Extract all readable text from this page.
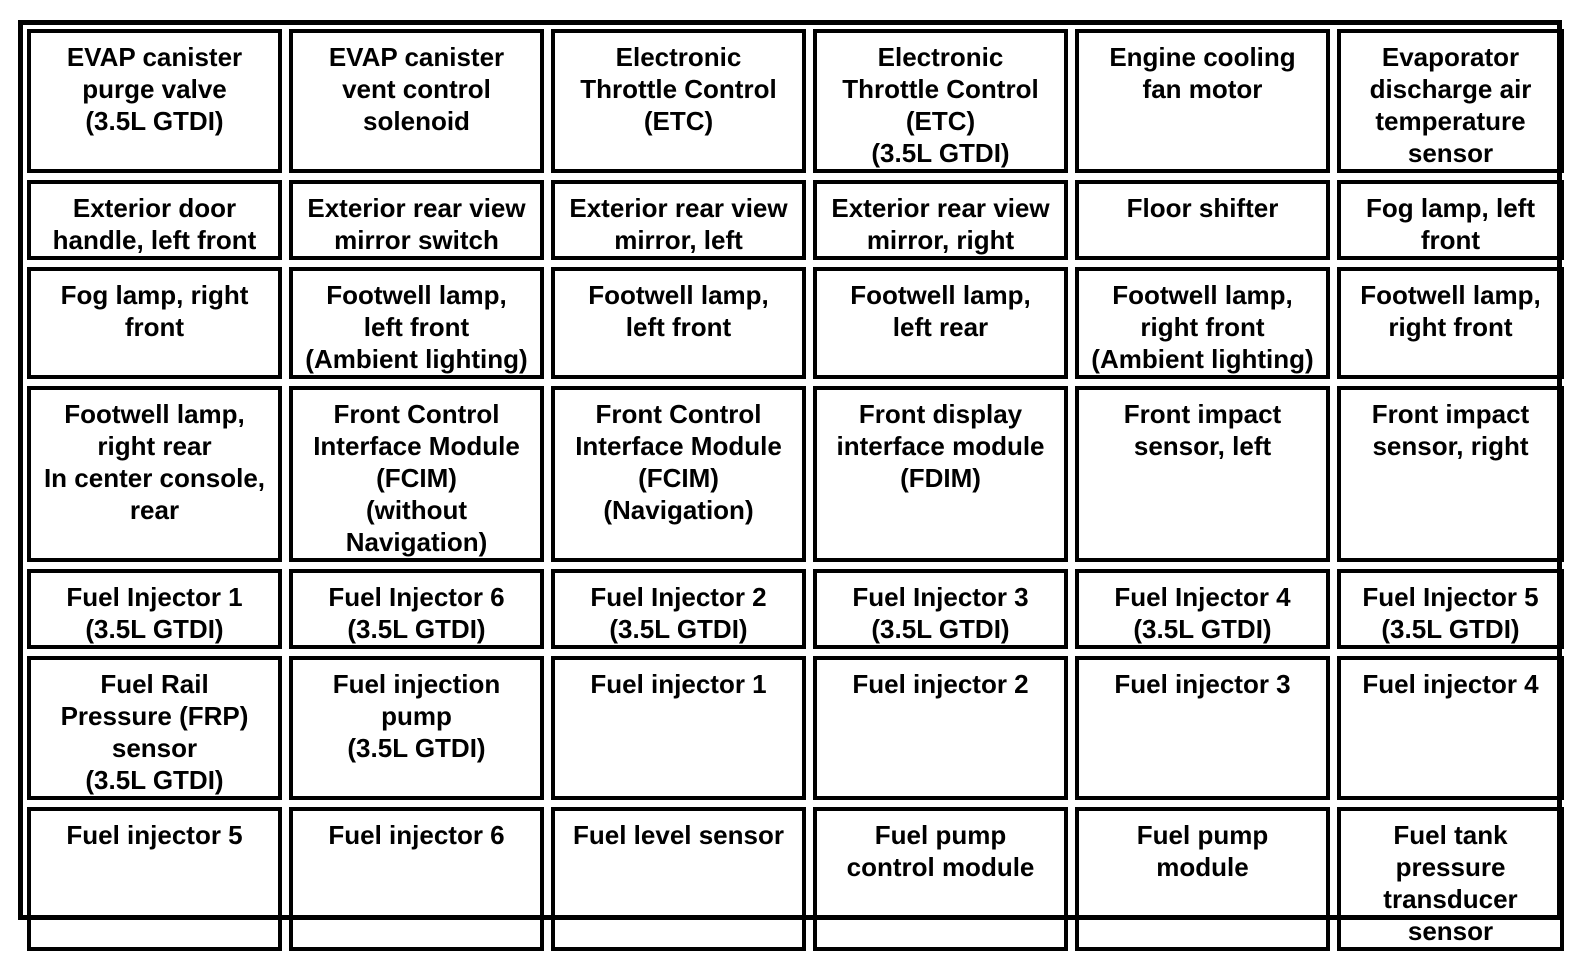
EVAP canister
purge valve
(3.5L GTDI)	EVAP canister
vent control
solenoid	Electronic
Throttle Control
(ETC)	Electronic
Throttle Control
(ETC)
(3.5L GTDI)	Engine cooling
fan motor	Evaporator
discharge air
temperature
sensor

Exterior door
handle, left front	Exterior rear view
mirror switch	Exterior rear view
mirror, left	Exterior rear view
mirror, right	Floor shifter	Fog lamp, left
front

Fog lamp, right
front	Footwell lamp,
left front
(Ambient lighting)	Footwell lamp,
left front	Footwell lamp,
left rear	Footwell lamp,
right front
(Ambient lighting)	Footwell lamp,
right front

Footwell lamp,
right rear
In center console,
rear	Front Control
Interface Module
(FCIM)
(without
Navigation)	Front Control
Interface Module
(FCIM)
(Navigation)	Front display
interface module
(FDIM)	Front impact
sensor, left	Front impact
sensor, right

Fuel Injector 1
(3.5L GTDI)	Fuel Injector 6
(3.5L GTDI)	Fuel Injector 2
(3.5L GTDI)	Fuel Injector 3
(3.5L GTDI)	Fuel Injector 4
(3.5L GTDI)	Fuel Injector 5
(3.5L GTDI)

Fuel Rail
Pressure (FRP)
sensor
(3.5L GTDI)	Fuel injection
pump
(3.5L GTDI)	Fuel injector 1	Fuel injector 2	Fuel injector 3	Fuel injector 4

Fuel injector 5	Fuel injector 6	Fuel level sensor	Fuel pump
control module	Fuel pump
module	Fuel tank
pressure
transducer
sensor
